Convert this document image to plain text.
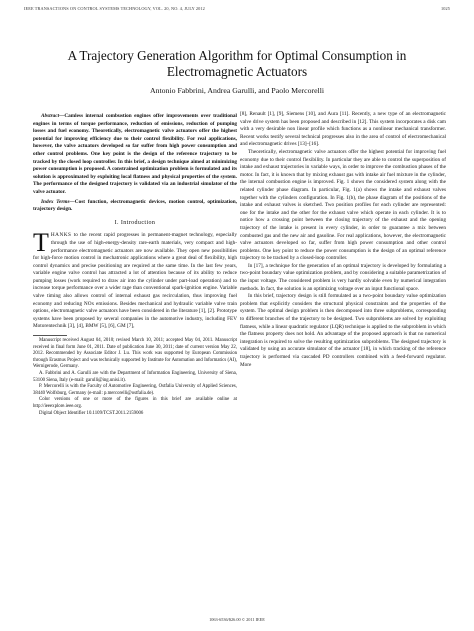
IEEE TRANSACTIONS ON CONTROL SYSTEMS TECHNOLOGY, VOL. 20, NO. 4, JULY 2012	1025
A Trajectory Generation Algorithm for Optimal Consumption in Electromagnetic Actuators
Antonio Fabbrini, Andrea Garulli, and Paolo Mercorelli

Abstract—Camless internal combustion engines offer improvements over traditional engines in terms of torque performance, reduction of emissions, reduction of pumping losses and fuel economy. Theoretically, electromagnetic valve actuators offer the highest potential for improving efficiency due to their control flexibility. For real applications, however, the valve actuators developed so far suffer from high power consumption and other control problems. One key point is the design of the reference trajectory to be tracked by the closed loop controller. In this brief, a design technique aimed at minimizing power consumption is proposed. A constrained optimization problem is formulated and its solution is approximated by exploiting local flatness and physical properties of the system. The performance of the designed trajectory is validated via an industrial simulator of the valve actuator.

Index Terms—Cost function, electromagnetic devices, motion control, optimization, trajectory design.

I. Introduction

THANKS to the recent rapid progresses in permanent-magnet technology, especially through the use of high-energy-density rare-earth materials, very compact and high-performance electromagnetic actuators are now available. They open new possibilities for high-force motion control in mechatronic applications where a great deal of flexibility, high control dynamics and precise positioning are required at the same time. In the last few years, variable engine valve control has attracted a lot of attention because of its ability to reduce pumping losses (work required to draw air into the cylinder under part-load operation) and to increase torque performance over a wider rage than conventional spark-ignition engine. Variable valve timing also allows control of internal exhaust gas recirculation, thus improving fuel economy and reducing NOx emissions. Besides mechanical and hydraulic variable valve train options, electromagnetic valve actuators have been considered in the literature [1], [2]. Prototype systems have been proposed by several companies in the automotive industry, including FEV Motorentechnik [3], [4], BMW [5], [6], GM [7],

Manuscript received August 04, 2010; revised March 10, 2011; accepted May 04, 2011. Manuscript received in final form June 01, 2011. Date of publication June 30, 2011; date of current version May 22, 2012. Recommended by Associate Editor J. Lu. This work was supported by European Commission through Erasmus Project and was technically supported by Institute for Automation and Informatics (AI), Wernigerode, Germany.

A. Fabbrini and A. Garulli are with the Department of Information Engineering, University of Siena, 53100 Siena, Italy (e-mail: garulli@ing.unisi.it).

P. Mercorelli is with the Faculty of Automotive Engineering, Ostfalia University of Applied Sciences, 38440 Wolfsburg, Germany (e-mail: p.mercorelli@ostfalia.de).

Color versions of one or more of the figures in this brief are available online at http://ieeexplore.ieee.org.

Digital Object Identifier 10.1109/TCST.2011.2159006

[8], Renault [1], [9], Siemens [10], and Aura [11]. Recently, a new type of an electromagnetic valve drive system has been proposed and described in [12]. This system incorporates a disk cam with a very desirable non linear profile which functions as a nonlinear mechanical transformer. Recent works testify several technical progresses also in the area of control of electromechanical and electromagnetic drives [13]–[16].

Theoretically, electromagnetic valve actuators offer the highest potential for improving fuel economy due to their control flexibility. In particular they are able to control the superposition of intake and exhaust trajectories in variable ways, in order to improve the combustion phases of the motor. In fact, it is known that by mixing exhaust gas with intake air fuel mixture in the cylinder, the internal combustion engine is improved. Fig. 1 shows the considered system along with the related cylinder phase diagram. In particular, Fig. 1(a) shows the intake and exhaust valves together with the cylinders configuration. In Fig. 1(b), the phase diagram of the positions of the intake and exhaust valves is sketched. Two position profiles for each cylinder are represented: one for the intake and the other for the exhaust valve which operate in each cylinder. It is to notice how a crossing point between the closing trajectory of the exhaust and the opening trajectory of the intake is present in every cylinder, in order to guarantee a mix between combusted gas and the new air and gasoline. For real applications, however, the electromagnetic valve actuators developed so far, suffer from high power consumption and other control problems. One key point to reduce the power consumption is the design of an optimal reference trajectory to be tracked by a closed-loop controller.

In [17], a technique for the generation of an optimal trajectory is developed by formulating a two-point boundary value optimization problem, and by considering a suitable parametrization of the input voltage. The considered problem is very hardly solvable even by numerical integration methods. In fact, the solution is an optimizing voltage over an input functional space.

In this brief, trajectory design is still formulated as a two-point boundary value optimization problem that explicitly considers the structural physical constraints and the properties of the system. The optimal design problem is then decomposed into three subproblems, corresponding to different branches of the trajectory to be designed. Two subproblems are solved by exploiting flatness, while a linear quadratic regulator (LQR) technique is applied to the subproblem in which the flatness property does not hold. An advantage of the proposed approach is that no numerical integration is required to solve the resulting optimization subproblems. The designed trajectory is validated by using an accurate simulator of the actuator [18], in which tracking of the reference trajectory is performed via cascaded PD controllers combined with a feed-forward regulator. More

1063-6536/$26.00 © 2011 IEEE
